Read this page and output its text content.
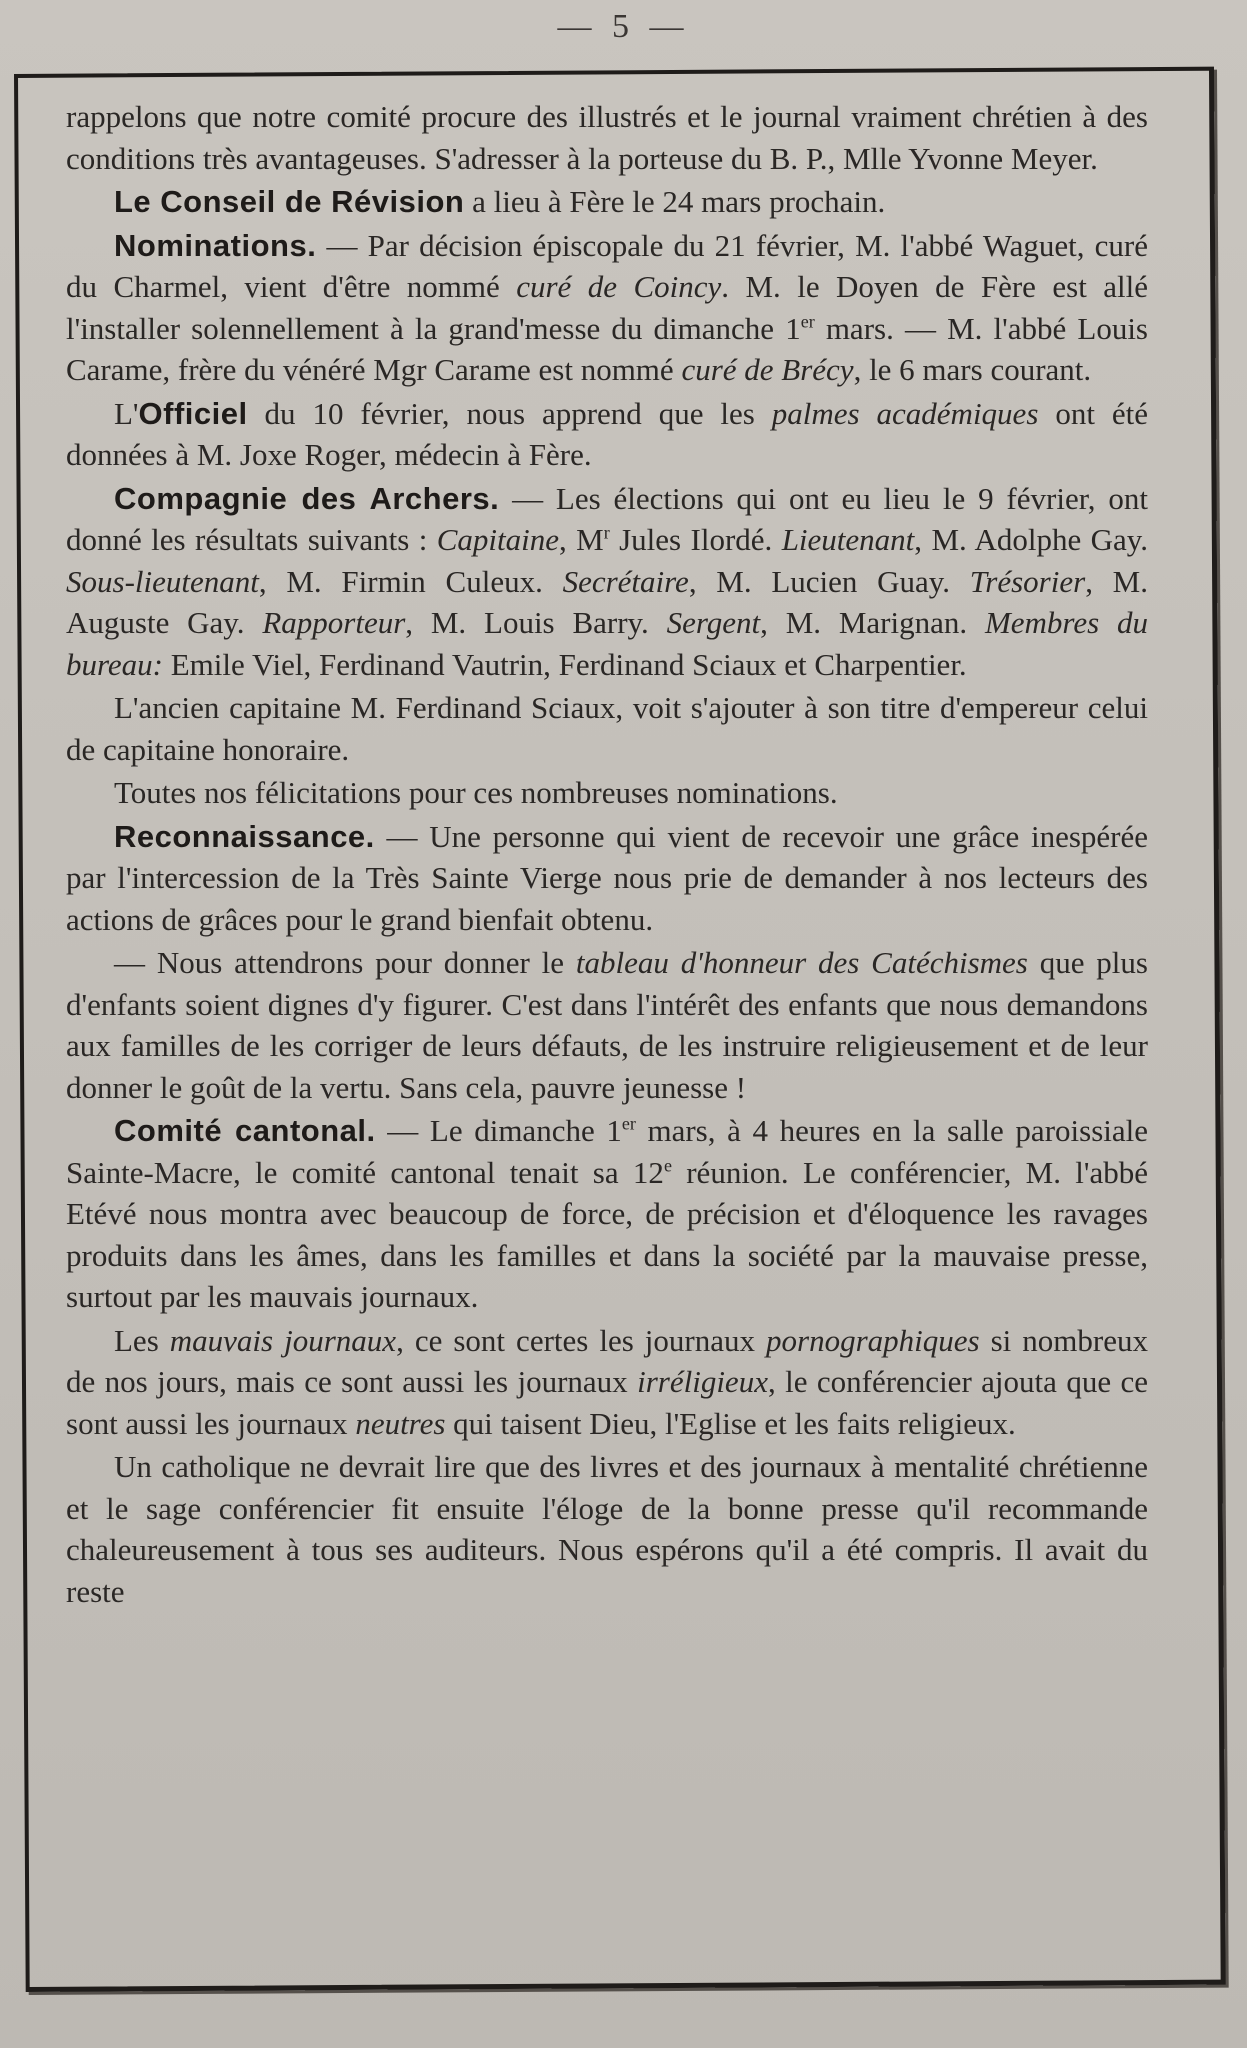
— 5 —

rappelons que notre comité procure des illustrés et le journal vraiment chrétien à des conditions très avantageuses. S'adresser à la porteuse du B. P., Mlle Yvonne Meyer.

Le Conseil de Révision a lieu à Fère le 24 mars prochain.

Nominations. — Par décision épiscopale du 21 février, M. l'abbé Waguet, curé du Charmel, vient d'être nommé curé de Coincy. M. le Doyen de Fère est allé l'installer solennellement à la grand'messe du dimanche 1er mars. — M. l'abbé Louis Carame, frère du vénéré Mgr Carame est nommé curé de Brécy, le 6 mars courant.

L'Officiel du 10 février, nous apprend que les palmes académiques ont été données à M. Joxe Roger, médecin à Fère.

Compagnie des Archers. — Les élections qui ont eu lieu le 9 février, ont donné les résultats suivants : Capitaine, $M^r$ Jules Ilordé. Lieutenant, M. Adolphe Gay. Sous-lieutenant, M. Firmin Culeux. Secrétaire, M. Lucien Guay. Trésorier, M. Auguste Gay. Rapporteur, M. Louis Barry. Sergent, M. Marignan. Membres du bureau: Emile Viel, Ferdinand Vautrin, Ferdinand Sciaux et Charpentier.

L'ancien capitaine M. Ferdinand Sciaux, voit s'ajouter à son titre d'empereur celui de capitaine honoraire.

Toutes nos félicitations pour ces nombreuses nominations.

Reconnaissance. — Une personne qui vient de recevoir une grâce inespérée par l'intercession de la Très Sainte Vierge nous prie de demander à nos lecteurs des actions de grâces pour le grand bienfait obtenu.

— Nous attendrons pour donner le tableau d'honneur des Catéchismes que plus d'enfants soient dignes d'y figurer. C'est dans l'intérêt des enfants que nous demandons aux familles de les corriger de leurs défauts, de les instruire religieusement et de leur donner le goût de la vertu. Sans cela, pauvre jeunesse !

Comité cantonal. — Le dimanche 1er mars, à 4 heures en la salle paroissiale Sainte-Macre, le comité cantonal tenait sa 12e réunion. Le conférencier, M. l'abbé Etévé nous montra avec beaucoup de force, de précision et d'éloquence les ravages produits dans les âmes, dans les familles et dans la société par la mauvaise presse, surtout par les mauvais journaux.

Les mauvais journaux, ce sont certes les journaux pornographiques si nombreux de nos jours, mais ce sont aussi les journaux irréligieux, le conférencier ajouta que ce sont aussi les journaux neutres qui taisent Dieu, l'Eglise et les faits religieux.

Un catholique ne devrait lire que des livres et des journaux à mentalité chrétienne et le sage conférencier fit ensuite l'éloge de la bonne presse qu'il recommande chaleureusement à tous ses auditeurs. Nous espérons qu'il a été compris. Il avait du reste
